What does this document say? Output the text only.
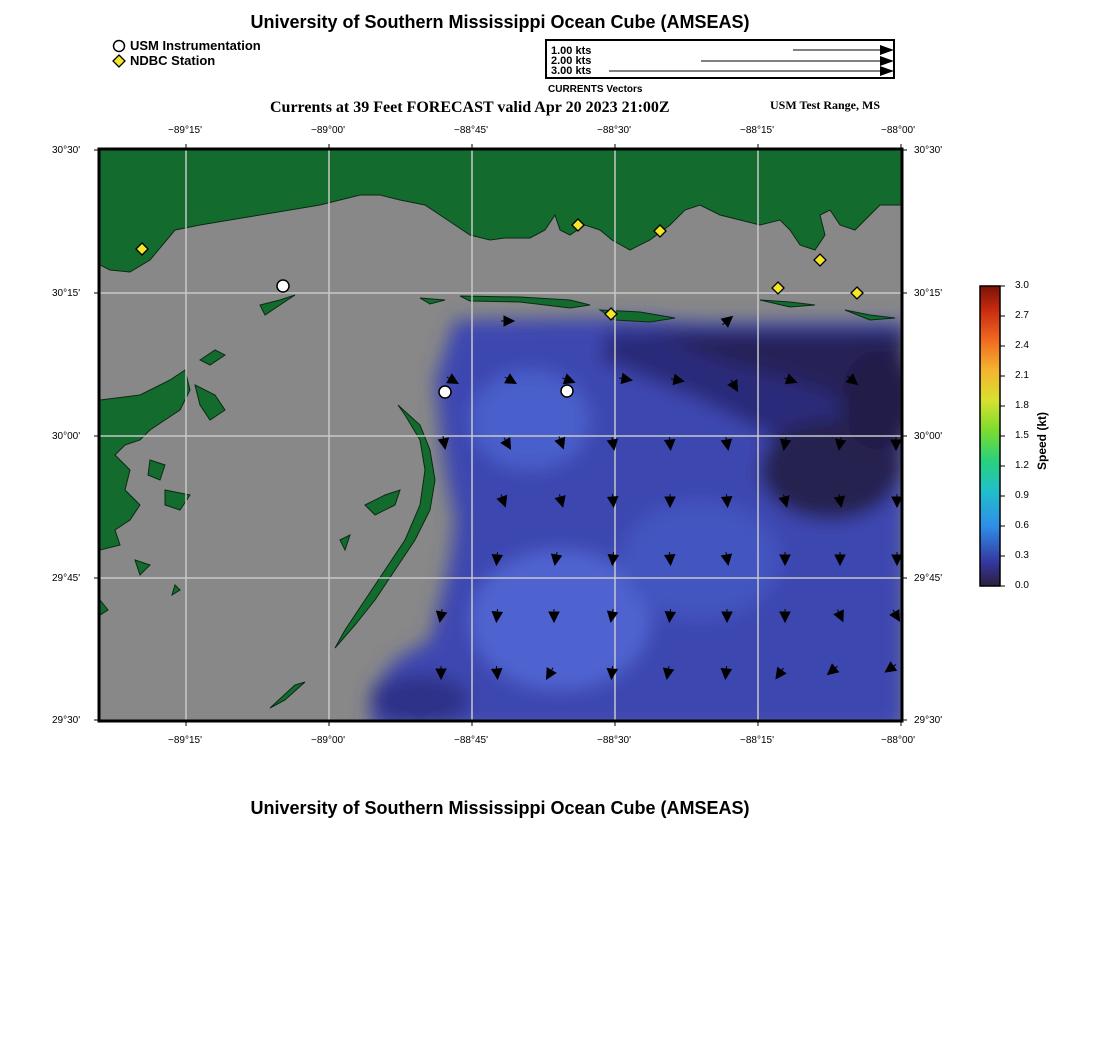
University of Southern Mississippi Ocean Cube (AMSEAS)
USM Instrumentation
NDBC Station
1.00 kts
2.00 kts
3.00 kts
CURRENTS Vectors
Currents at 39 Feet FORECAST valid Apr 20 2023 21:00Z	USM Test Range, MS
−89°15'	−89°00'	−88°45'	−88°30'	−88°15'	−88°00'
−89°15'	−89°00'	−88°45'	−88°30'	−88°15'	−88°00'
30°30'
30°15'
30°00'
29°45'
29°30'
30°30'
30°15'
30°00'
29°45'
29°30'
3.0
2.7
2.4
2.1
1.8
1.5
1.2
0.9
0.6
0.3
0.0
Speed (kt)
University of Southern Mississippi Ocean Cube (AMSEAS)
